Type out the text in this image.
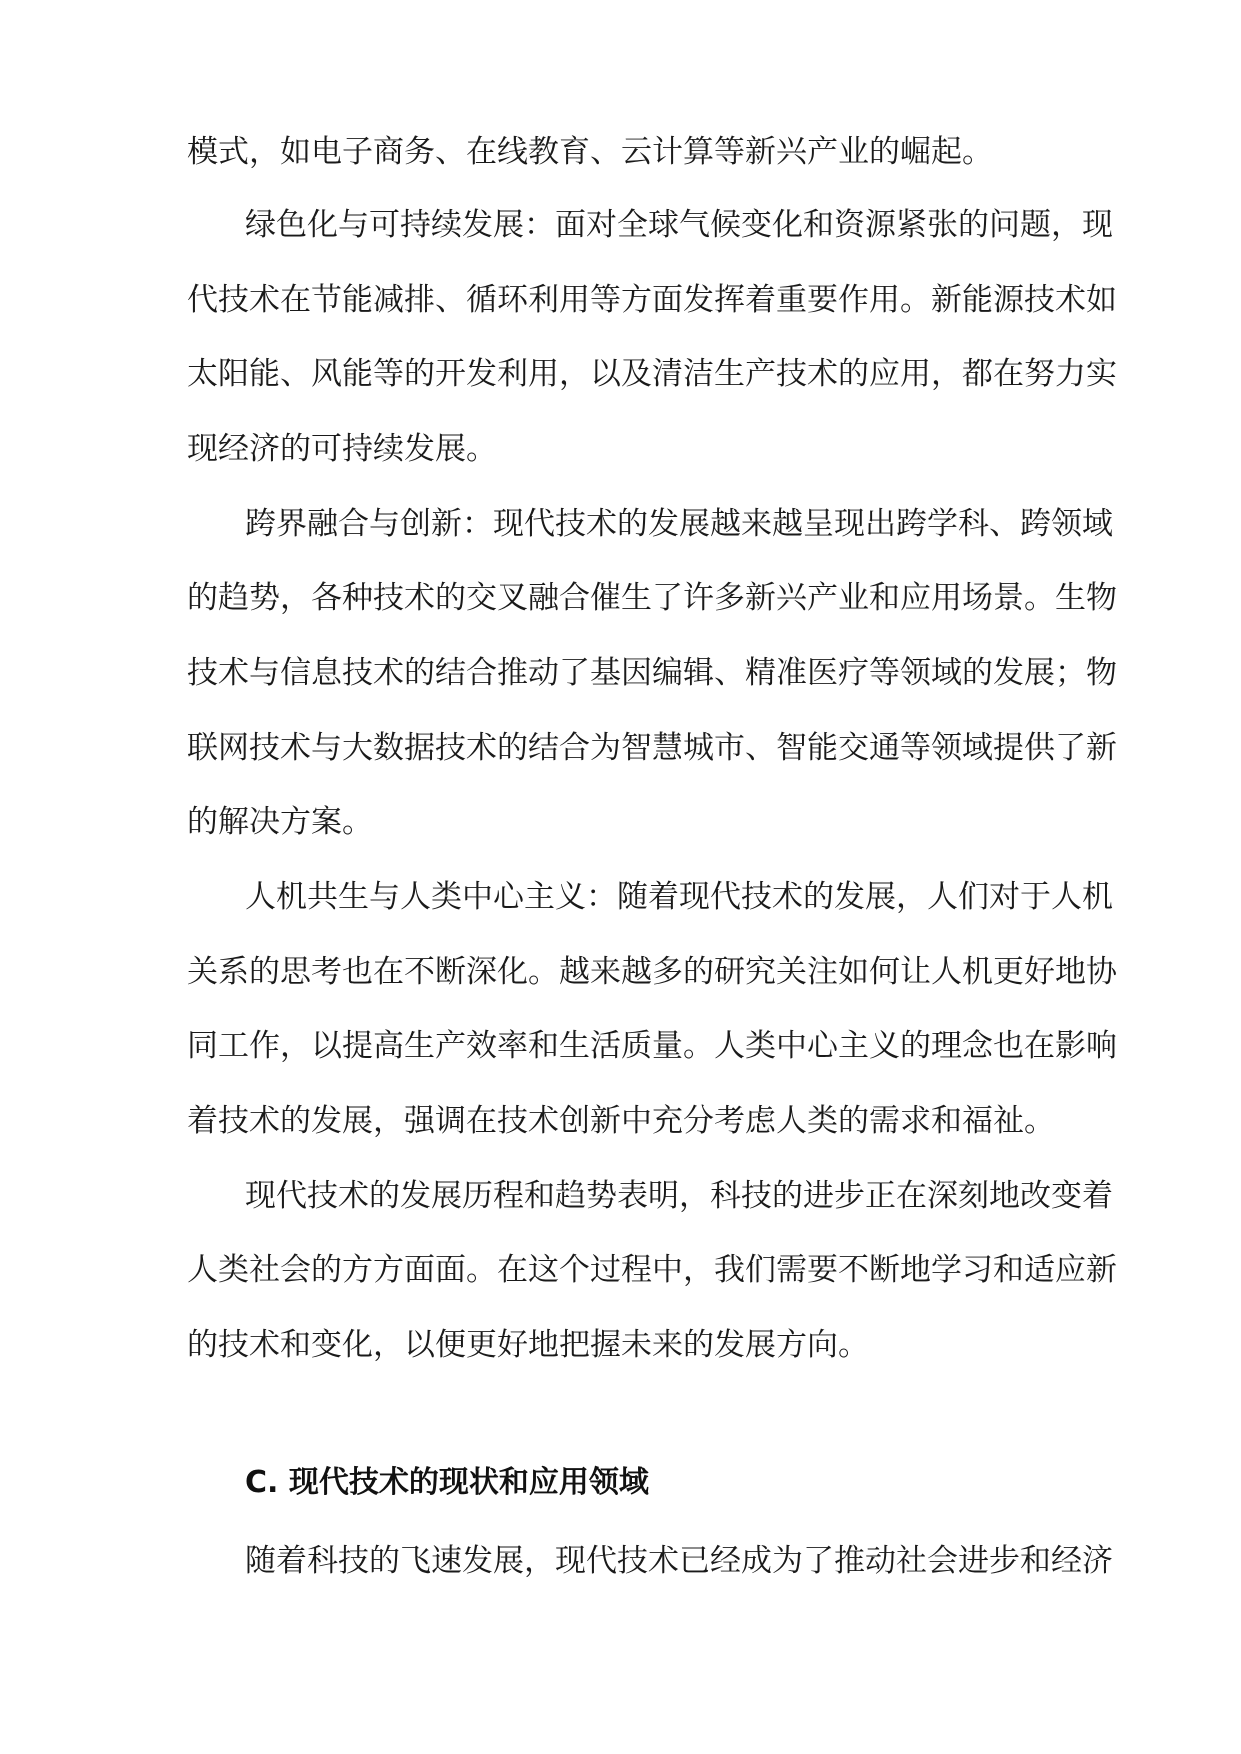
模式，如电子商务、在线教育、云计算等新兴产业的崛起。

绿色化与可持续发展：面对全球气候变化和资源紧张的问题，现

代技术在节能减排、循环利用等方面发挥着重要作用。新能源技术如

太阳能、风能等的开发利用，以及清洁生产技术的应用，都在努力实

现经济的可持续发展。

跨界融合与创新：现代技术的发展越来越呈现出跨学科、跨领域

的趋势，各种技术的交叉融合催生了许多新兴产业和应用场景。生物

技术与信息技术的结合推动了基因编辑、精准医疗等领域的发展；物

联网技术与大数据技术的结合为智慧城市、智能交通等领域提供了新

的解决方案。

人机共生与人类中心主义：随着现代技术的发展，人们对于人机

关系的思考也在不断深化。越来越多的研究关注如何让人机更好地协

同工作，以提高生产效率和生活质量。人类中心主义的理念也在影响

着技术的发展，强调在技术创新中充分考虑人类的需求和福祉。

现代技术的发展历程和趋势表明，科技的进步正在深刻地改变着

人类社会的方方面面。在这个过程中，我们需要不断地学习和适应新

的技术和变化，以便更好地把握未来的发展方向。

C. 现代技术的现状和应用领域

随着科技的飞速发展，现代技术已经成为了推动社会进步和经济
